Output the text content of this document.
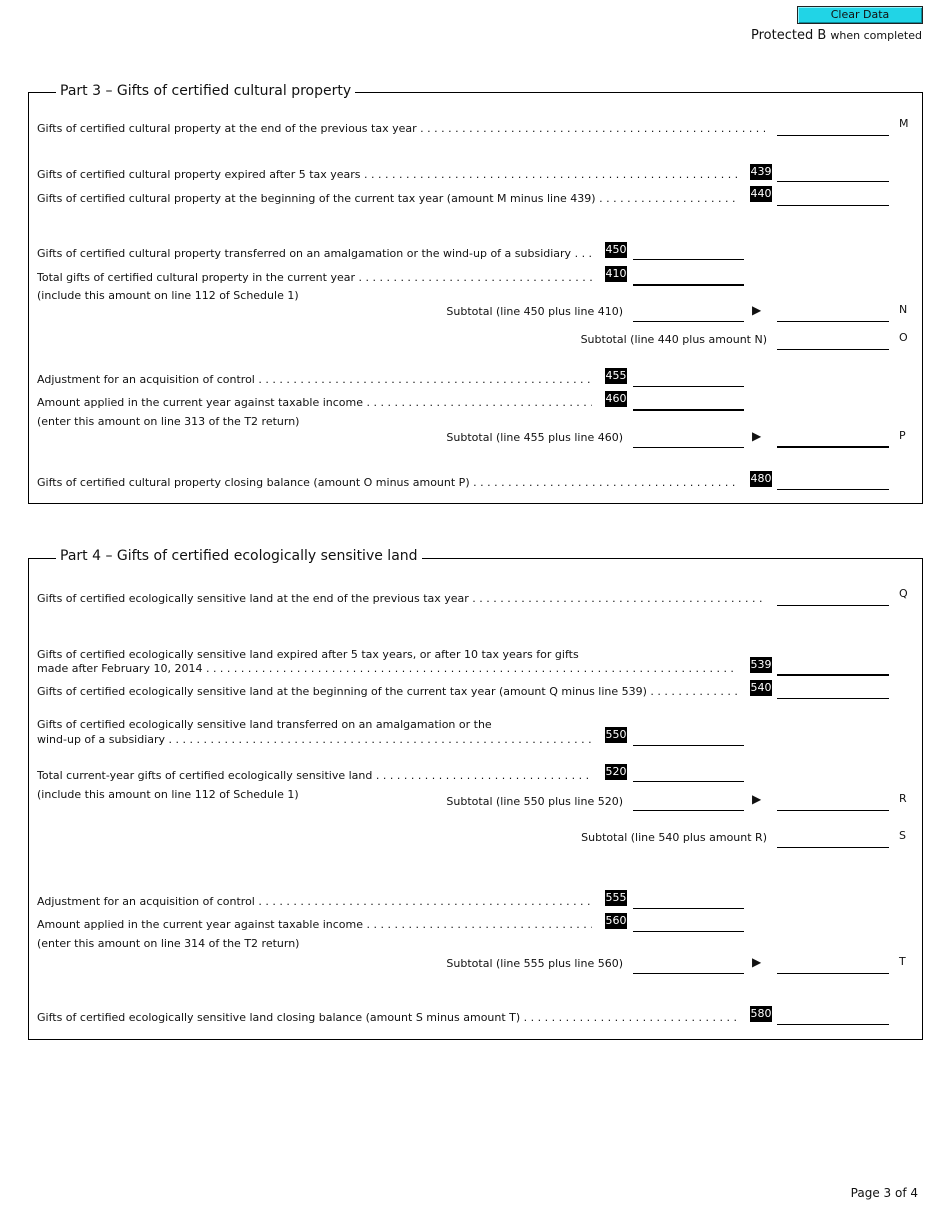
Clear Data
Protected B when completed
Part 3 – Gifts of certified cultural property
Gifts of certified cultural property at the end of the previous tax year . . .	M
Gifts of certified cultural property expired after 5 tax years . . .	439
Gifts of certified cultural property at the beginning of the current tax year (amount M minus line 439) . . .	440
Gifts of certified cultural property transferred on an amalgamation or the wind-up of a subsidiary . . .	450
Total gifts of certified cultural property in the current year . . .	410
(include this amount on line 112 of Schedule 1)
Subtotal (line 450 plus line 410)	▶	N
Subtotal (line 440 plus amount N)	O
Adjustment for an acquisition of control . . .	455
Amount applied in the current year against taxable income . . .	460
(enter this amount on line 313 of the T2 return)
Subtotal (line 455 plus line 460)	▶	P
Gifts of certified cultural property closing balance (amount O minus amount P) . . .	480
Part 4 – Gifts of certified ecologically sensitive land
Gifts of certified ecologically sensitive land at the end of the previous tax year . . .	Q
Gifts of certified ecologically sensitive land expired after 5 tax years, or after 10 tax years for gifts
made after February 10, 2014 . . .	539
Gifts of certified ecologically sensitive land at the beginning of the current tax year (amount Q minus line 539) . . .	540
Gifts of certified ecologically sensitive land transferred on an amalgamation or the
wind-up of a subsidiary . . .	550
Total current-year gifts of certified ecologically sensitive land . . .	520
(include this amount on line 112 of Schedule 1)
Subtotal (line 550 plus line 520)	▶	R
Subtotal (line 540 plus amount R)	S
Adjustment for an acquisition of control . . .	555
Amount applied in the current year against taxable income . . .	560
(enter this amount on line 314 of the T2 return)
Subtotal (line 555 plus line 560)	▶	T
Gifts of certified ecologically sensitive land closing balance (amount S minus amount T) . . .	580
Page 3 of 4
